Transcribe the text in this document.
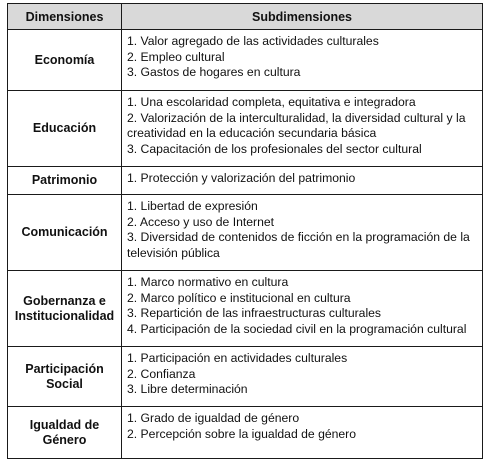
Dimensiones	Subdimensiones

Economía	1. Valor agregado de las actividades culturales
2. Empleo cultural
3. Gastos de hogares en cultura

Educación	1. Una escolaridad completa, equitativa e integradora
2. Valorización de la interculturalidad, la diversidad cultural y la creatividad en la educación secundaria básica
3. Capacitación de los profesionales del sector cultural

Patrimonio	1. Protección y valorización del patrimonio

Comunicación	1. Libertad de expresión
2. Acceso y uso de Internet
3. Diversidad de contenidos de ficción en la programación de la televisión pública

Gobernanza e Institucionalidad	1. Marco normativo en cultura
2. Marco político e institucional en cultura
3. Repartición de las infraestructuras culturales
4. Participación de la sociedad civil en la programación cultural

Participación Social	1. Participación en actividades culturales
2. Confianza
3. Libre determinación

Igualdad de Género	1. Grado de igualdad de género
2. Percepción sobre la igualdad de género
